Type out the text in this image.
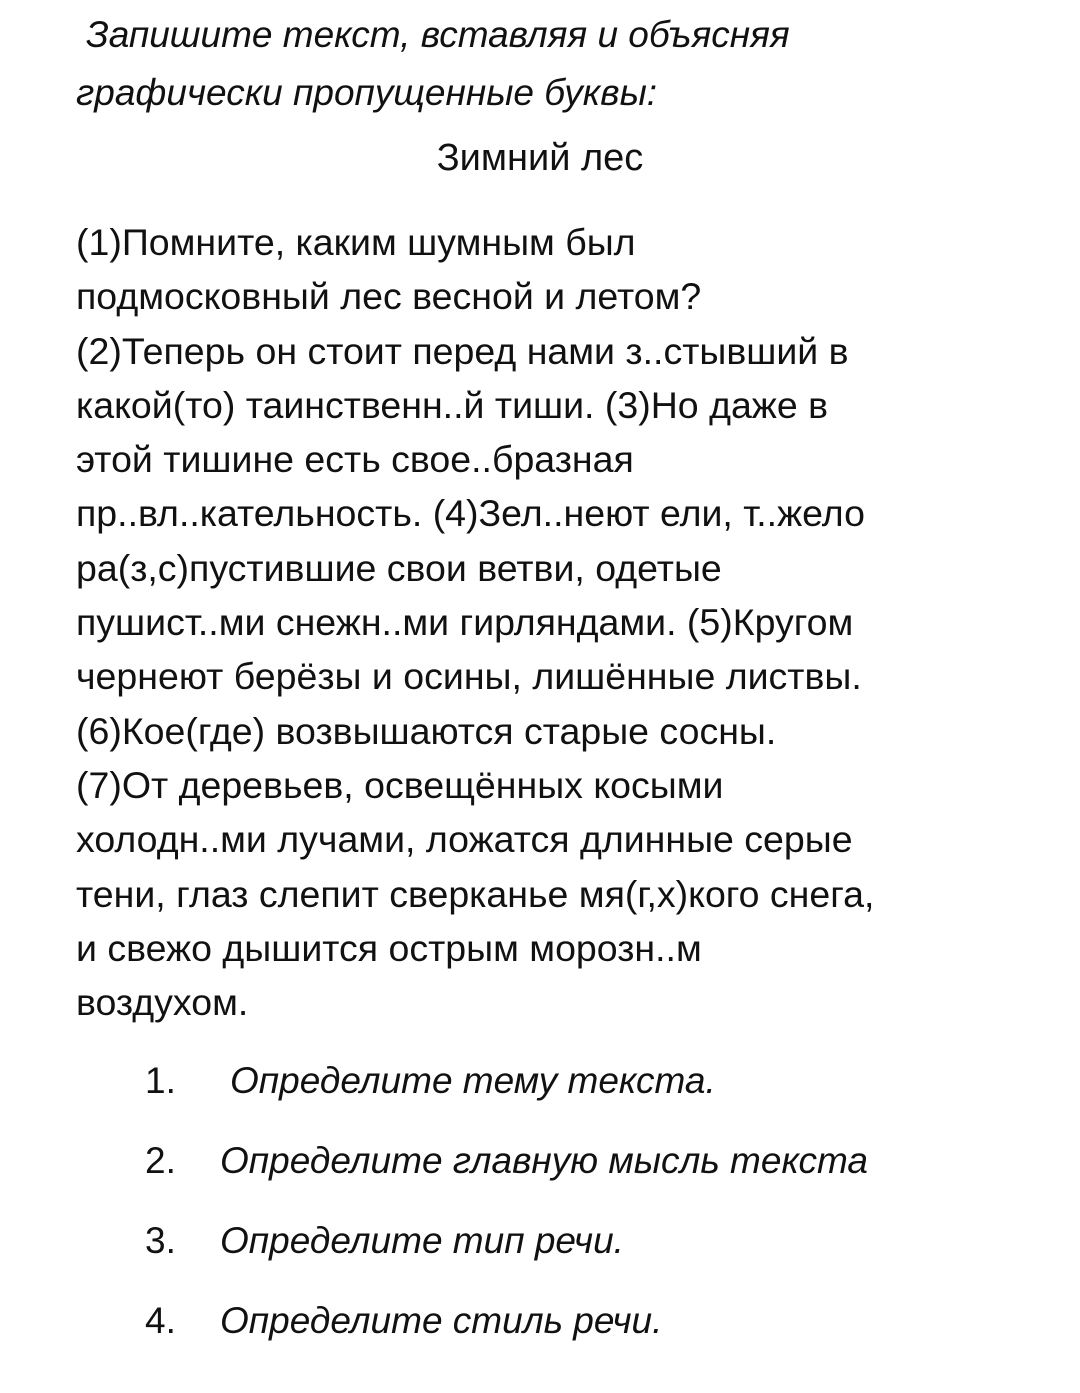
Запишите текст, вставляя и объясняя
графически пропущенные буквы:

Зимний лес
(1)Помните, каким шумным был
подмосковный лес весной и летом?
(2)Теперь он стоит перед нами з..стывший в
какой(то) таинственн..й тиши. (3)Но даже в
этой тишине есть свое..бразная
пр..вл..кательность. (4)Зел..неют ели, т..жело
ра(з,с)пустившие свои ветви, одетые
пушист..ми снежн..ми гирляндами. (5)Кругом
чернеют берёзы и осины, лишённые листвы.
(6)Кое(где) возвышаются старые сосны.
(7)От деревьев, освещённых косыми
холодн..ми лучами, ложатся длинные серые
тени, глаз слепит сверканье мя(г,х)кого снега,
и свежо дышится острым морозн..м
воздухом.
1. Определите тему текста.
2. Определите главную мысль текста
3. Определите тип речи.
4. Определите стиль речи.
